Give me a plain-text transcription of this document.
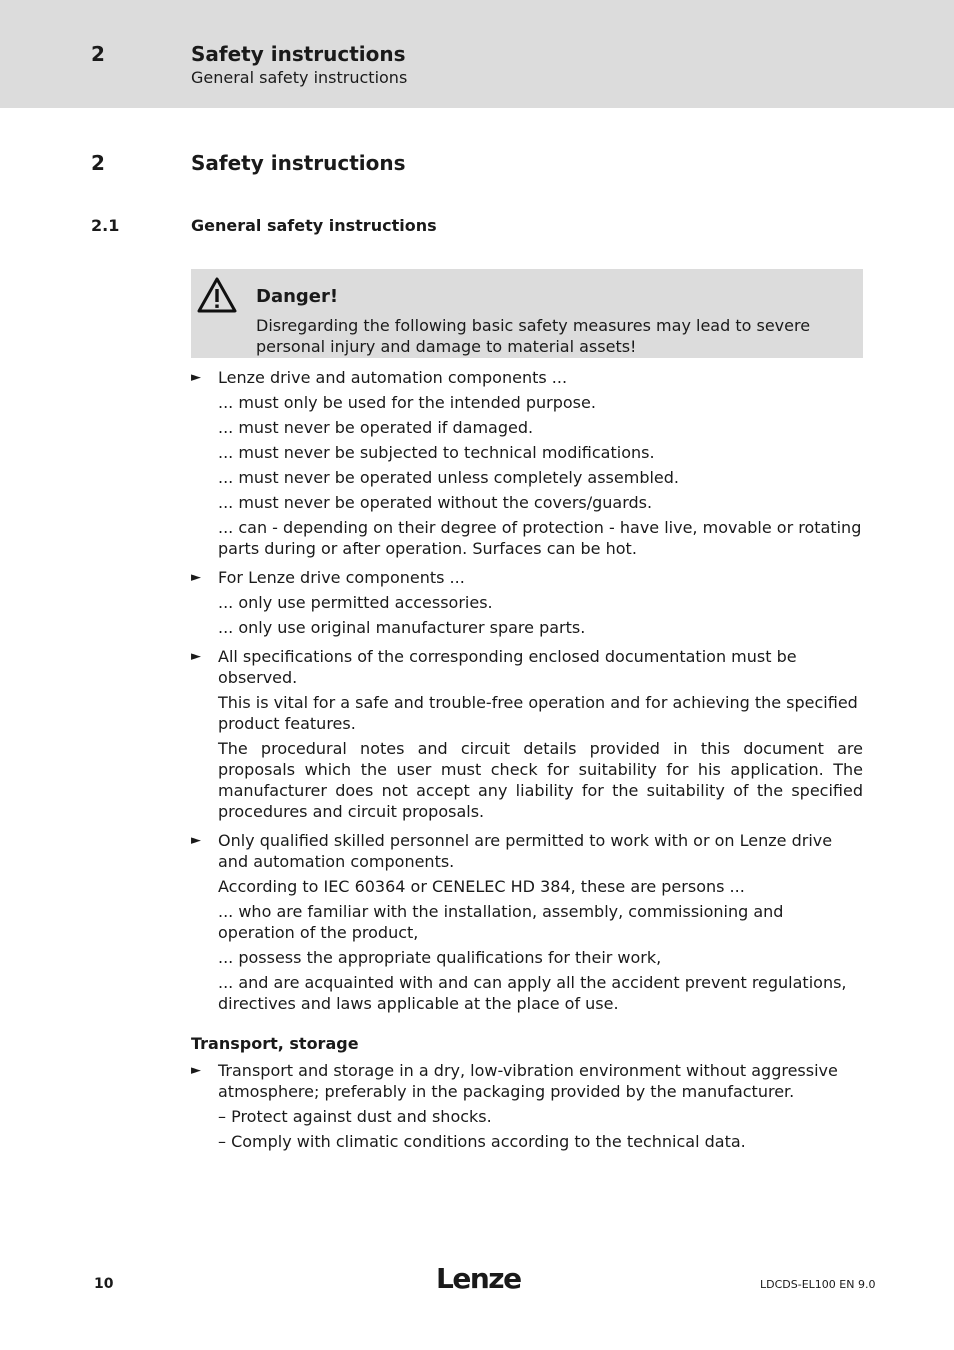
2	Safety instructions
General safety instructions
2	Safety instructions
2.1	General safety instructions
Danger!
Disregarding the following basic safety measures may lead to severe personal injury and damage to material assets!
► Lenze drive and automation components ...

... must only be used for the intended purpose.

... must never be operated if damaged.

... must never be subjected to technical modifications.

... must never be operated unless completely assembled.

... must never be operated without the covers/guards.

... can - depending on their degree of protection - have live, movable or rotating parts during or after operation. Surfaces can be hot.

► For Lenze drive components ...

... only use permitted accessories.

... only use original manufacturer spare parts.

► All specifications of the corresponding enclosed documentation must be observed.

This is vital for a safe and trouble-free operation and for achieving the specified product features.

The procedural notes and circuit details provided in this document are proposals which the user must check for suitability for his application. The manufacturer does not accept any liability for the suitability of the specified procedures and circuit proposals.

► Only qualified skilled personnel are permitted to work with or on Lenze drive and automation components.

According to IEC 60364 or CENELEC HD 384, these are persons ...

... who are familiar with the installation, assembly, commissioning and operation of the product,

... possess the appropriate qualifications for their work,

... and are acquainted with and can apply all the accident prevent regulations, directives and laws applicable at the place of use.

Transport, storage
► Transport and storage in a dry, low-vibration environment without aggressive atmosphere; preferably in the packaging provided by the manufacturer.

– Protect against dust and shocks.

– Comply with climatic conditions according to the technical data.

10	Lenze	LDCDS-EL100 EN 9.0
